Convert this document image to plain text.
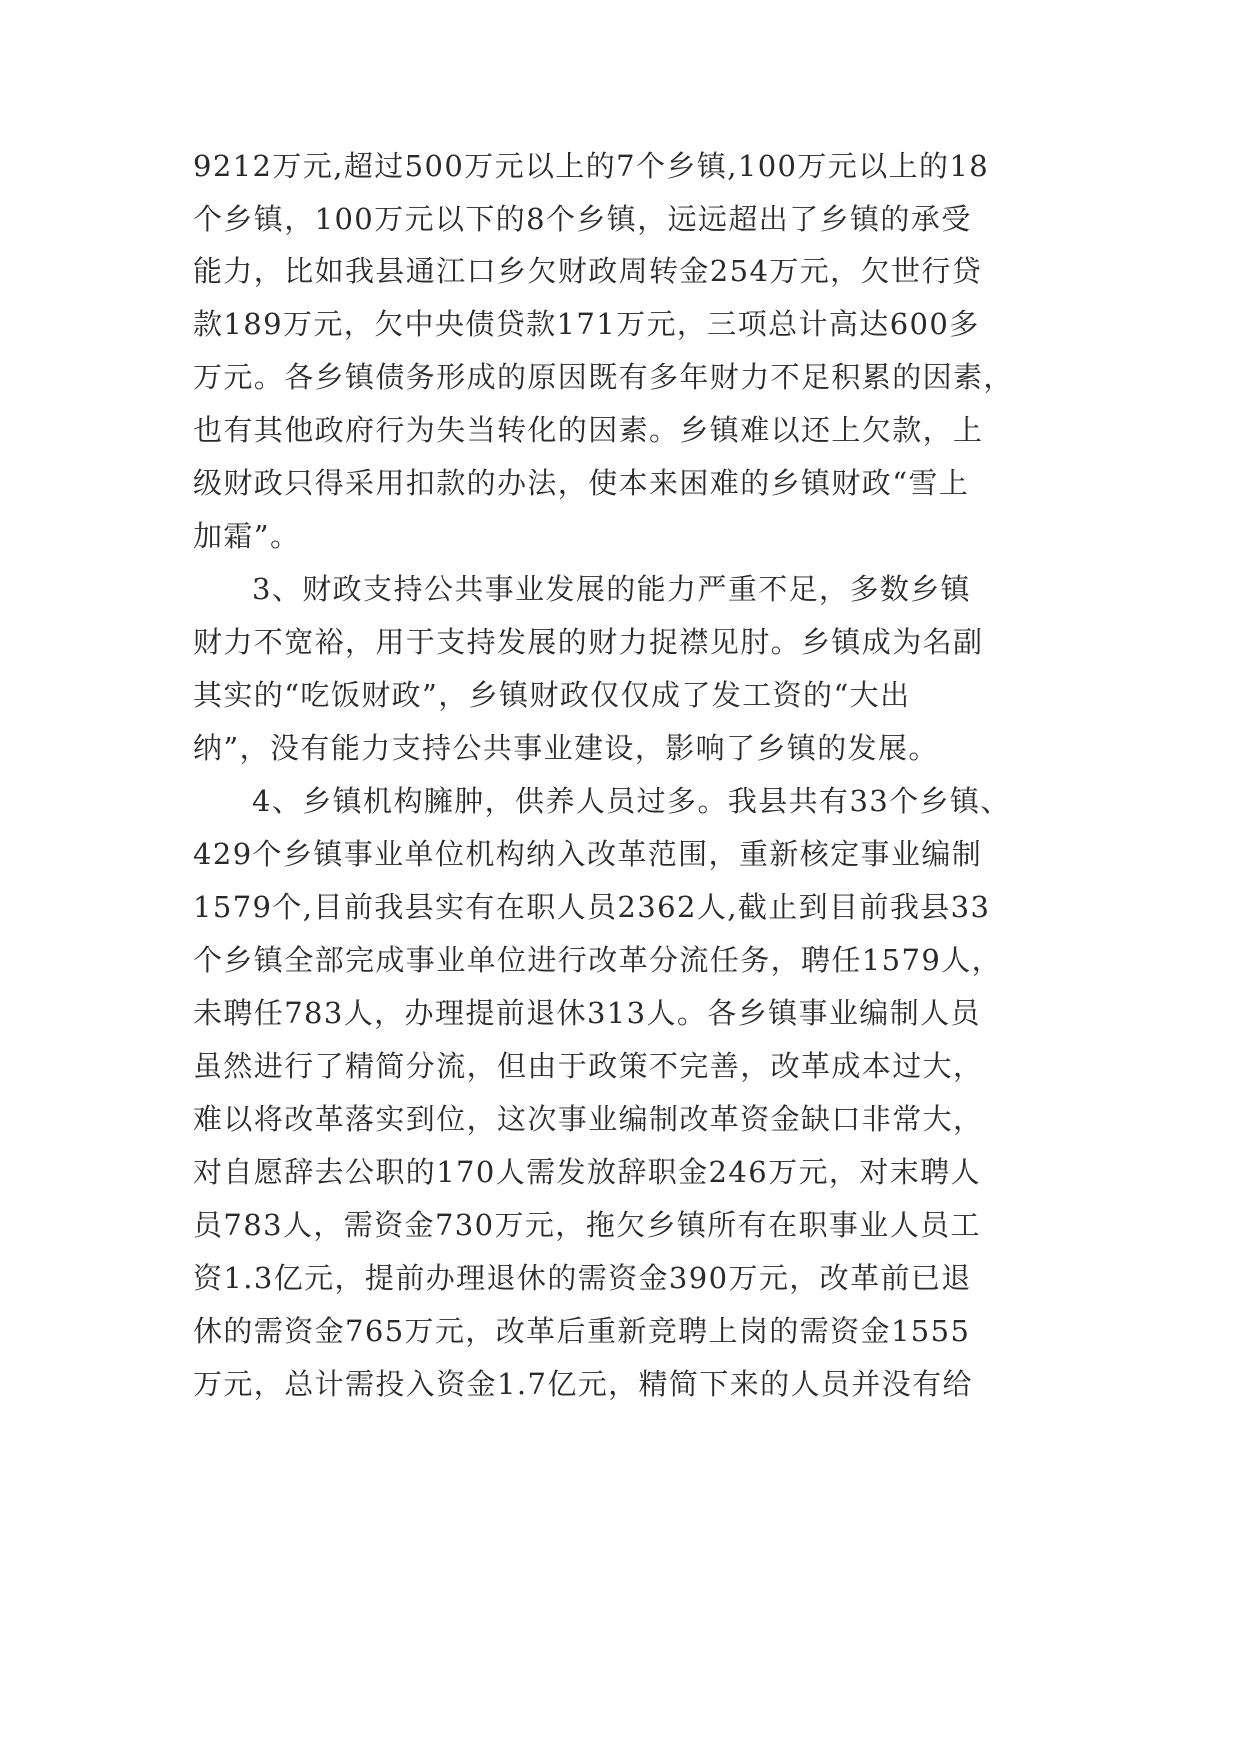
9212万元,超过500万元以上的7个乡镇,100万元以上的18
个乡镇，100万元以下的8个乡镇，远远超出了乡镇的承受
能力，比如我县通江口乡欠财政周转金254万元，欠世行贷
款189万元，欠中央债贷款171万元，三项总计高达600多
万元。各乡镇债务形成的原因既有多年财力不足积累的因素，
也有其他政府行为失当转化的因素。乡镇难以还上欠款，上
级财政只得采用扣款的办法，使本来困难的乡镇财政“雪上
加霜”。
3、财政支持公共事业发展的能力严重不足，多数乡镇
财力不宽裕，用于支持发展的财力捉襟见肘。乡镇成为名副
其实的“吃饭财政”，乡镇财政仅仅成了发工资的“大出
纳”，没有能力支持公共事业建设，影响了乡镇的发展。
4、乡镇机构臃肿，供养人员过多。我县共有33个乡镇、
429个乡镇事业单位机构纳入改革范围，重新核定事业编制
1579个,目前我县实有在职人员2362人,截止到目前我县33
个乡镇全部完成事业单位进行改革分流任务，聘任1579人，
未聘任783人，办理提前退休313人。各乡镇事业编制人员
虽然进行了精简分流，但由于政策不完善，改革成本过大，
难以将改革落实到位，这次事业编制改革资金缺口非常大，
对自愿辞去公职的170人需发放辞职金246万元，对末聘人
员783人，需资金730万元，拖欠乡镇所有在职事业人员工
资1.3亿元，提前办理退休的需资金390万元，改革前已退
休的需资金765万元，改革后重新竞聘上岗的需资金1555
万元，总计需投入资金1.7亿元，精简下来的人员并没有给
